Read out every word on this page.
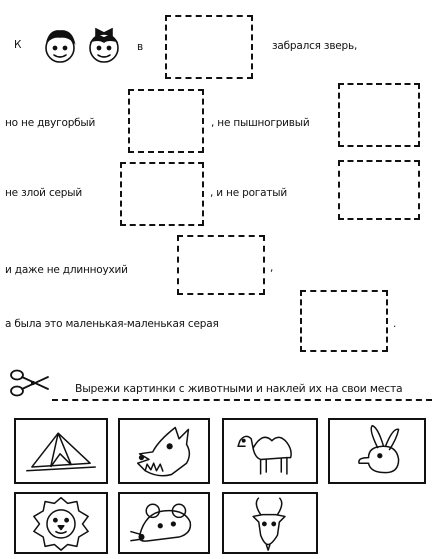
К	в	забрался зверь,
но не двугорбый	, не пышногривый
не злой серый	, и не рогатый
и даже не длинноухий	,
а была это маленькая-маленькая серая	.
Вырежи картинки с животными и наклей их на свои места
